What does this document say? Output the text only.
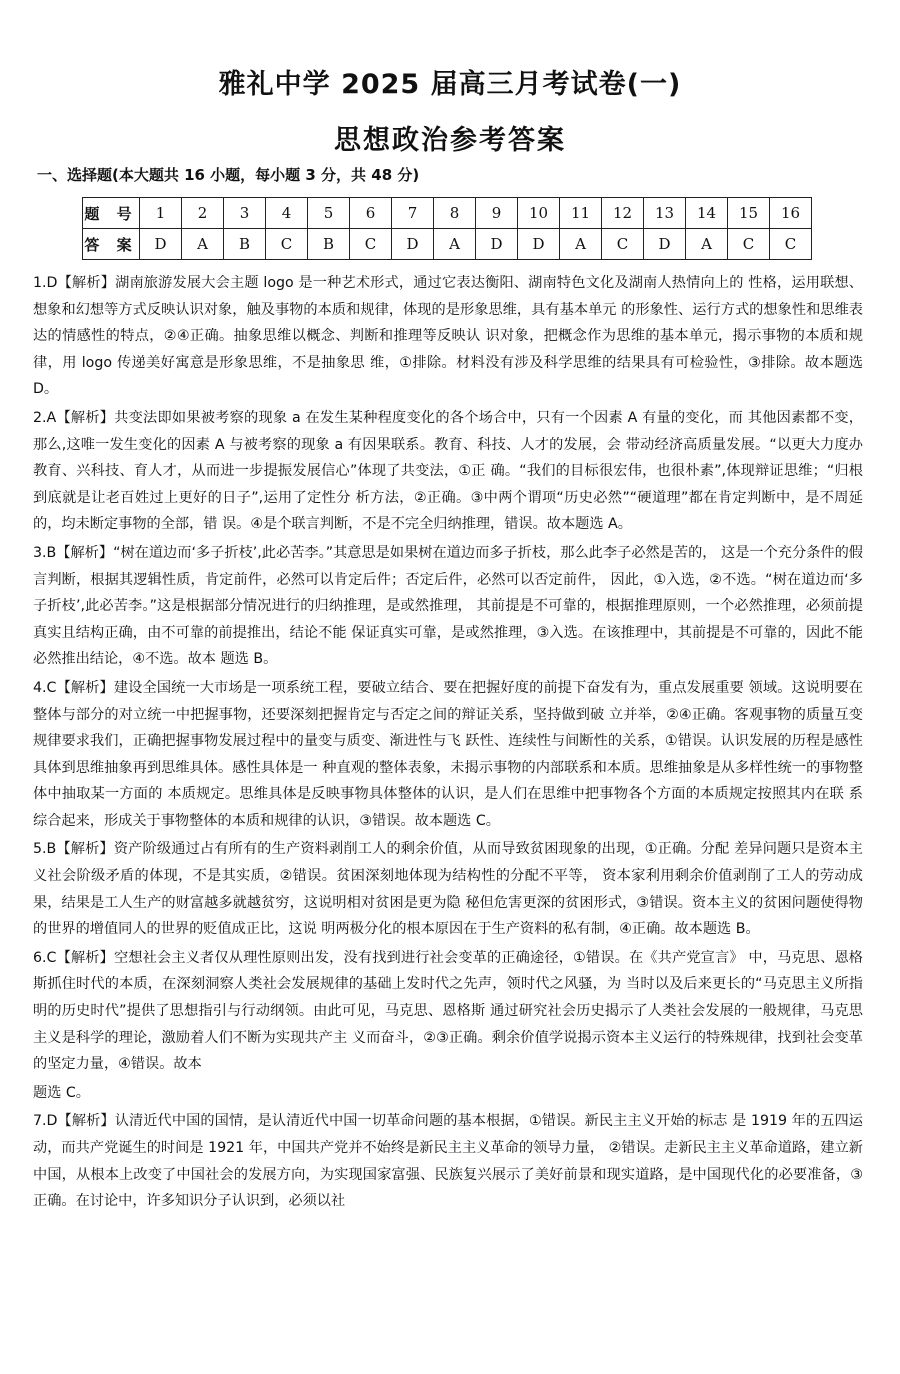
雅礼中学 2025 届高三月考试卷(一)
思想政治参考答案
一、选择题(本大题共 16 小题，每小题 3 分，共 48 分)
题 号	1	2	3	4	5	6	7	8	9	10	11	12	13	14	15	16
答 案	D	A	B	C	B	C	D	A	D	D	A	C	D	A	C	C

1.D【解析】湖南旅游发展大会主题 logo 是一种艺术形式，通过它表达衡阳、湖南特色文化及湖南人热情向上的 性格，运用联想、想象和幻想等方式反映认识对象，触及事物的本质和规律，体现的是形象思维，具有基本单元 的形象性、运行方式的想象性和思维表达的情感性的特点，②④正确。抽象思维以概念、判断和推理等反映认 识对象，把概念作为思维的基本单元，揭示事物的本质和规律，用 logo 传递美好寓意是形象思维，不是抽象思 维，①排除。材料没有涉及科学思维的结果具有可检验性，③排除。故本题选 D。

2.A【解析】共变法即如果被考察的现象 a 在发生某种程度变化的各个场合中，只有一个因素 A 有量的变化，而 其他因素都不变，那么,这唯一发生变化的因素 A 与被考察的现象 a 有因果联系。教育、科技、人才的发展，会 带动经济高质量发展。“以更大力度办教育、兴科技、育人才，从而进一步提振发展信心”体现了共变法，①正 确。“我们的目标很宏伟，也很朴素”,体现辩证思维；“归根到底就是让老百姓过上更好的日子”,运用了定性分 析方法，②正确。③中两个谓项“历史必然”“硬道理”都在肯定判断中，是不周延的，均未断定事物的全部，错 误。④是个联言判断，不是不完全归纳推理，错误。故本题选 A。

3.B【解析】“树在道边而‘多子折枝’,此必苦李。”其意思是如果树在道边而多子折枝，那么此李子必然是苦的， 这是一个充分条件的假言判断，根据其逻辑性质，肯定前件，必然可以肯定后件；否定后件，必然可以否定前件， 因此，①入选，②不选。“树在道边而‘多子折枝’,此必苦李。”这是根据部分情况进行的归纳推理，是或然推理， 其前提是不可靠的，根据推理原则，一个必然推理，必须前提真实且结构正确，由不可靠的前提推出，结论不能 保证真实可靠，是或然推理，③入选。在该推理中，其前提是不可靠的，因此不能必然推出结论，④不选。故本 题选 B。

4.C【解析】建设全国统一大市场是一项系统工程，要破立结合、要在把握好度的前提下奋发有为，重点发展重要 领域。这说明要在整体与部分的对立统一中把握事物，还要深刻把握肯定与否定之间的辩证关系，坚持做到破 立并举，②④正确。客观事物的质量互变规律要求我们，正确把握事物发展过程中的量变与质变、渐进性与飞 跃性、连续性与间断性的关系，①错误。认识发展的历程是感性具体到思维抽象再到思维具体。感性具体是一 种直观的整体表象，未揭示事物的内部联系和本质。思维抽象是从多样性统一的事物整体中抽取某一方面的 本质规定。思维具体是反映事物具体整体的认识，是人们在思维中把事物各个方面的本质规定按照其内在联 系综合起来，形成关于事物整体的本质和规律的认识，③错误。故本题选 C。

5.B【解析】资产阶级通过占有所有的生产资料剥削工人的剩余价值，从而导致贫困现象的出现，①正确。分配 差异问题只是资本主义社会阶级矛盾的体现，不是其实质，②错误。贫困深刻地体现为结构性的分配不平等， 资本家利用剩余价值剥削了工人的劳动成果，结果是工人生产的财富越多就越贫穷，这说明相对贫困是更为隐 秘但危害更深的贫困形式，③错误。资本主义的贫困问题使得物的世界的增值同人的世界的贬值成正比，这说 明两极分化的根本原因在于生产资料的私有制，④正确。故本题选 B。

6.C【解析】空想社会主义者仅从理性原则出发，没有找到进行社会变革的正确途径，①错误。在《共产党宣言》 中，马克思、恩格斯抓住时代的本质，在深刻洞察人类社会发展规律的基础上发时代之先声，领时代之风骚，为 当时以及后来更长的“马克思主义所指明的历史时代”提供了思想指引与行动纲领。由此可见，马克思、恩格斯 通过研究社会历史揭示了人类社会发展的一般规律，马克思主义是科学的理论，激励着人们不断为实现共产主 义而奋斗，②③正确。剩余价值学说揭示资本主义运行的特殊规律，找到社会变革的坚定力量，④错误。故本

题选 C。

7.D【解析】认清近代中国的国情，是认清近代中国一切革命问题的基本根据，①错误。新民主主义开始的标志 是 1919 年的五四运动，而共产党诞生的时间是 1921 年，中国共产党并不始终是新民主主义革命的领导力量， ②错误。走新民主主义革命道路，建立新中国，从根本上改变了中国社会的发展方向，为实现国家富强、民族复兴展示了美好前景和现实道路，是中国现代化的必要准备，③正确。在讨论中，许多知识分子认识到，必须以社
